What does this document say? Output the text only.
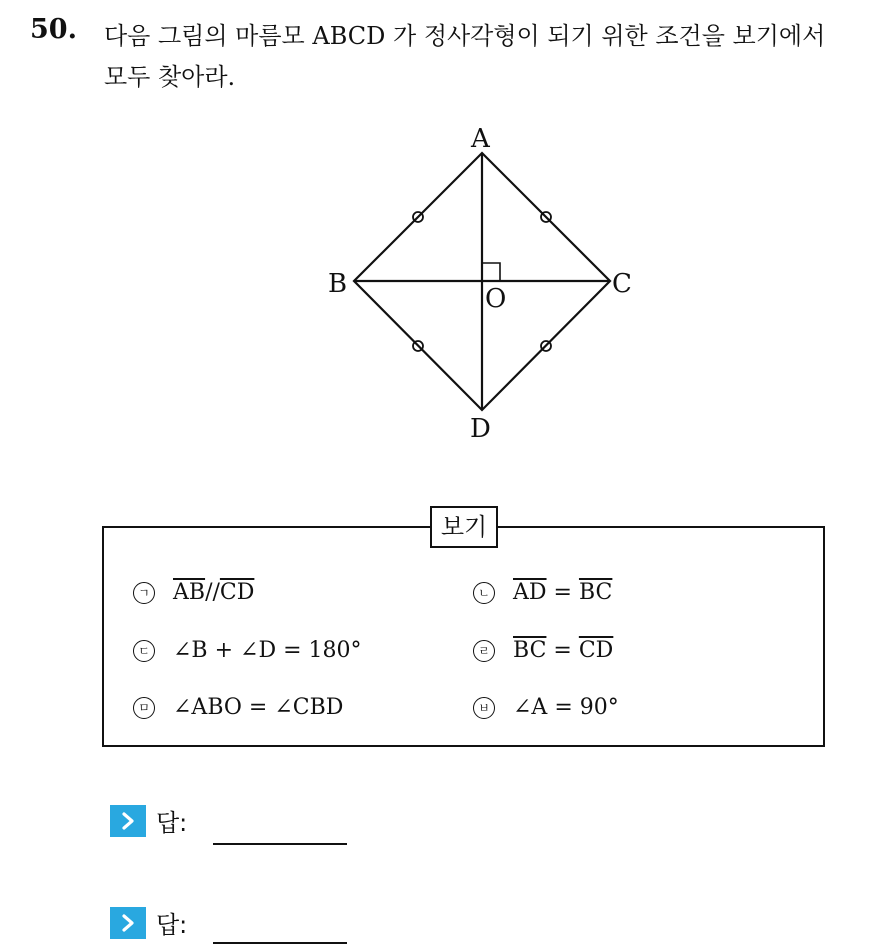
50. 다음 그림의 마름모 ABCD 가 정사각형이 되기 위한 조건을 보기에서
모두 찾아라.
A
B	C
D
O
보기
ㄱ $\overline{AB} // \overline{CD}$	ㄴ $\overline{AD} = \overline{BC}$
ㄷ ∠B + ∠D = 180°	ㄹ $\overline{BC} = \overline{CD}$
ㅁ ∠ABO = ∠CBD	ㅂ ∠A = 90°
답:
답:
